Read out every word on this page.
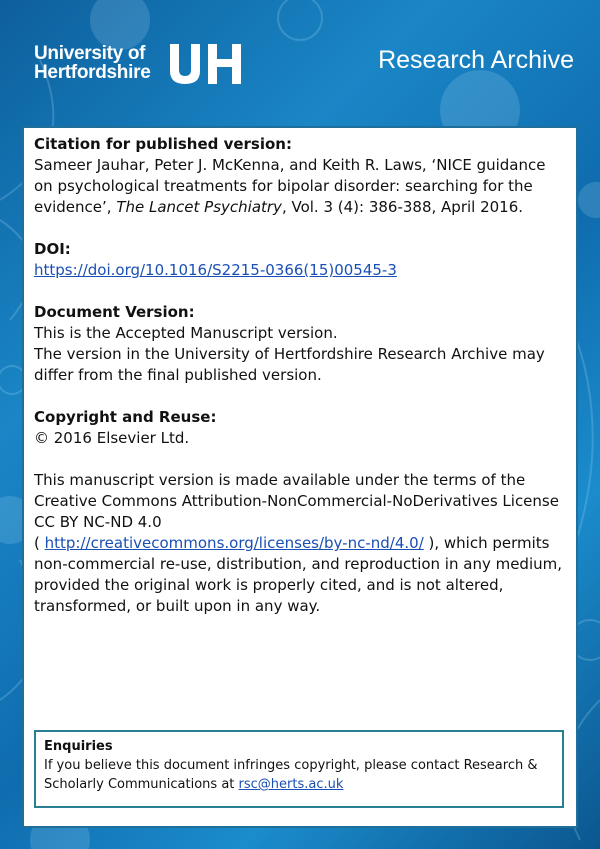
University of
Hertfordshire	Research Archive
Citation for published version:

Sameer Jauhar, Peter J. McKenna, and Keith R. Laws, ‘NICE guidance on psychological treatments for bipolar disorder: searching for the evidence’, The Lancet Psychiatry, Vol. 3 (4): 386-388, April 2016.

DOI:

https://doi.org/10.1016/S2215-0366(15)00545-3

Document Version:

This is the Accepted Manuscript version.

The version in the University of Hertfordshire Research Archive may differ from the final published version.

Copyright and Reuse:

© 2016 Elsevier Ltd.

This manuscript version is made available under the terms of the Creative Commons Attribution-NonCommercial-NoDerivatives License CC BY NC-ND 4.0

( http://creativecommons.org/licenses/by-nc-nd/4.0/ ), which permits non-commercial re-use, distribution, and reproduction in any medium, provided the original work is properly cited, and is not altered, transformed, or built upon in any way.

Enquiries

If you believe this document infringes copyright, please contact Research & Scholarly Communications at rsc@herts.ac.uk
